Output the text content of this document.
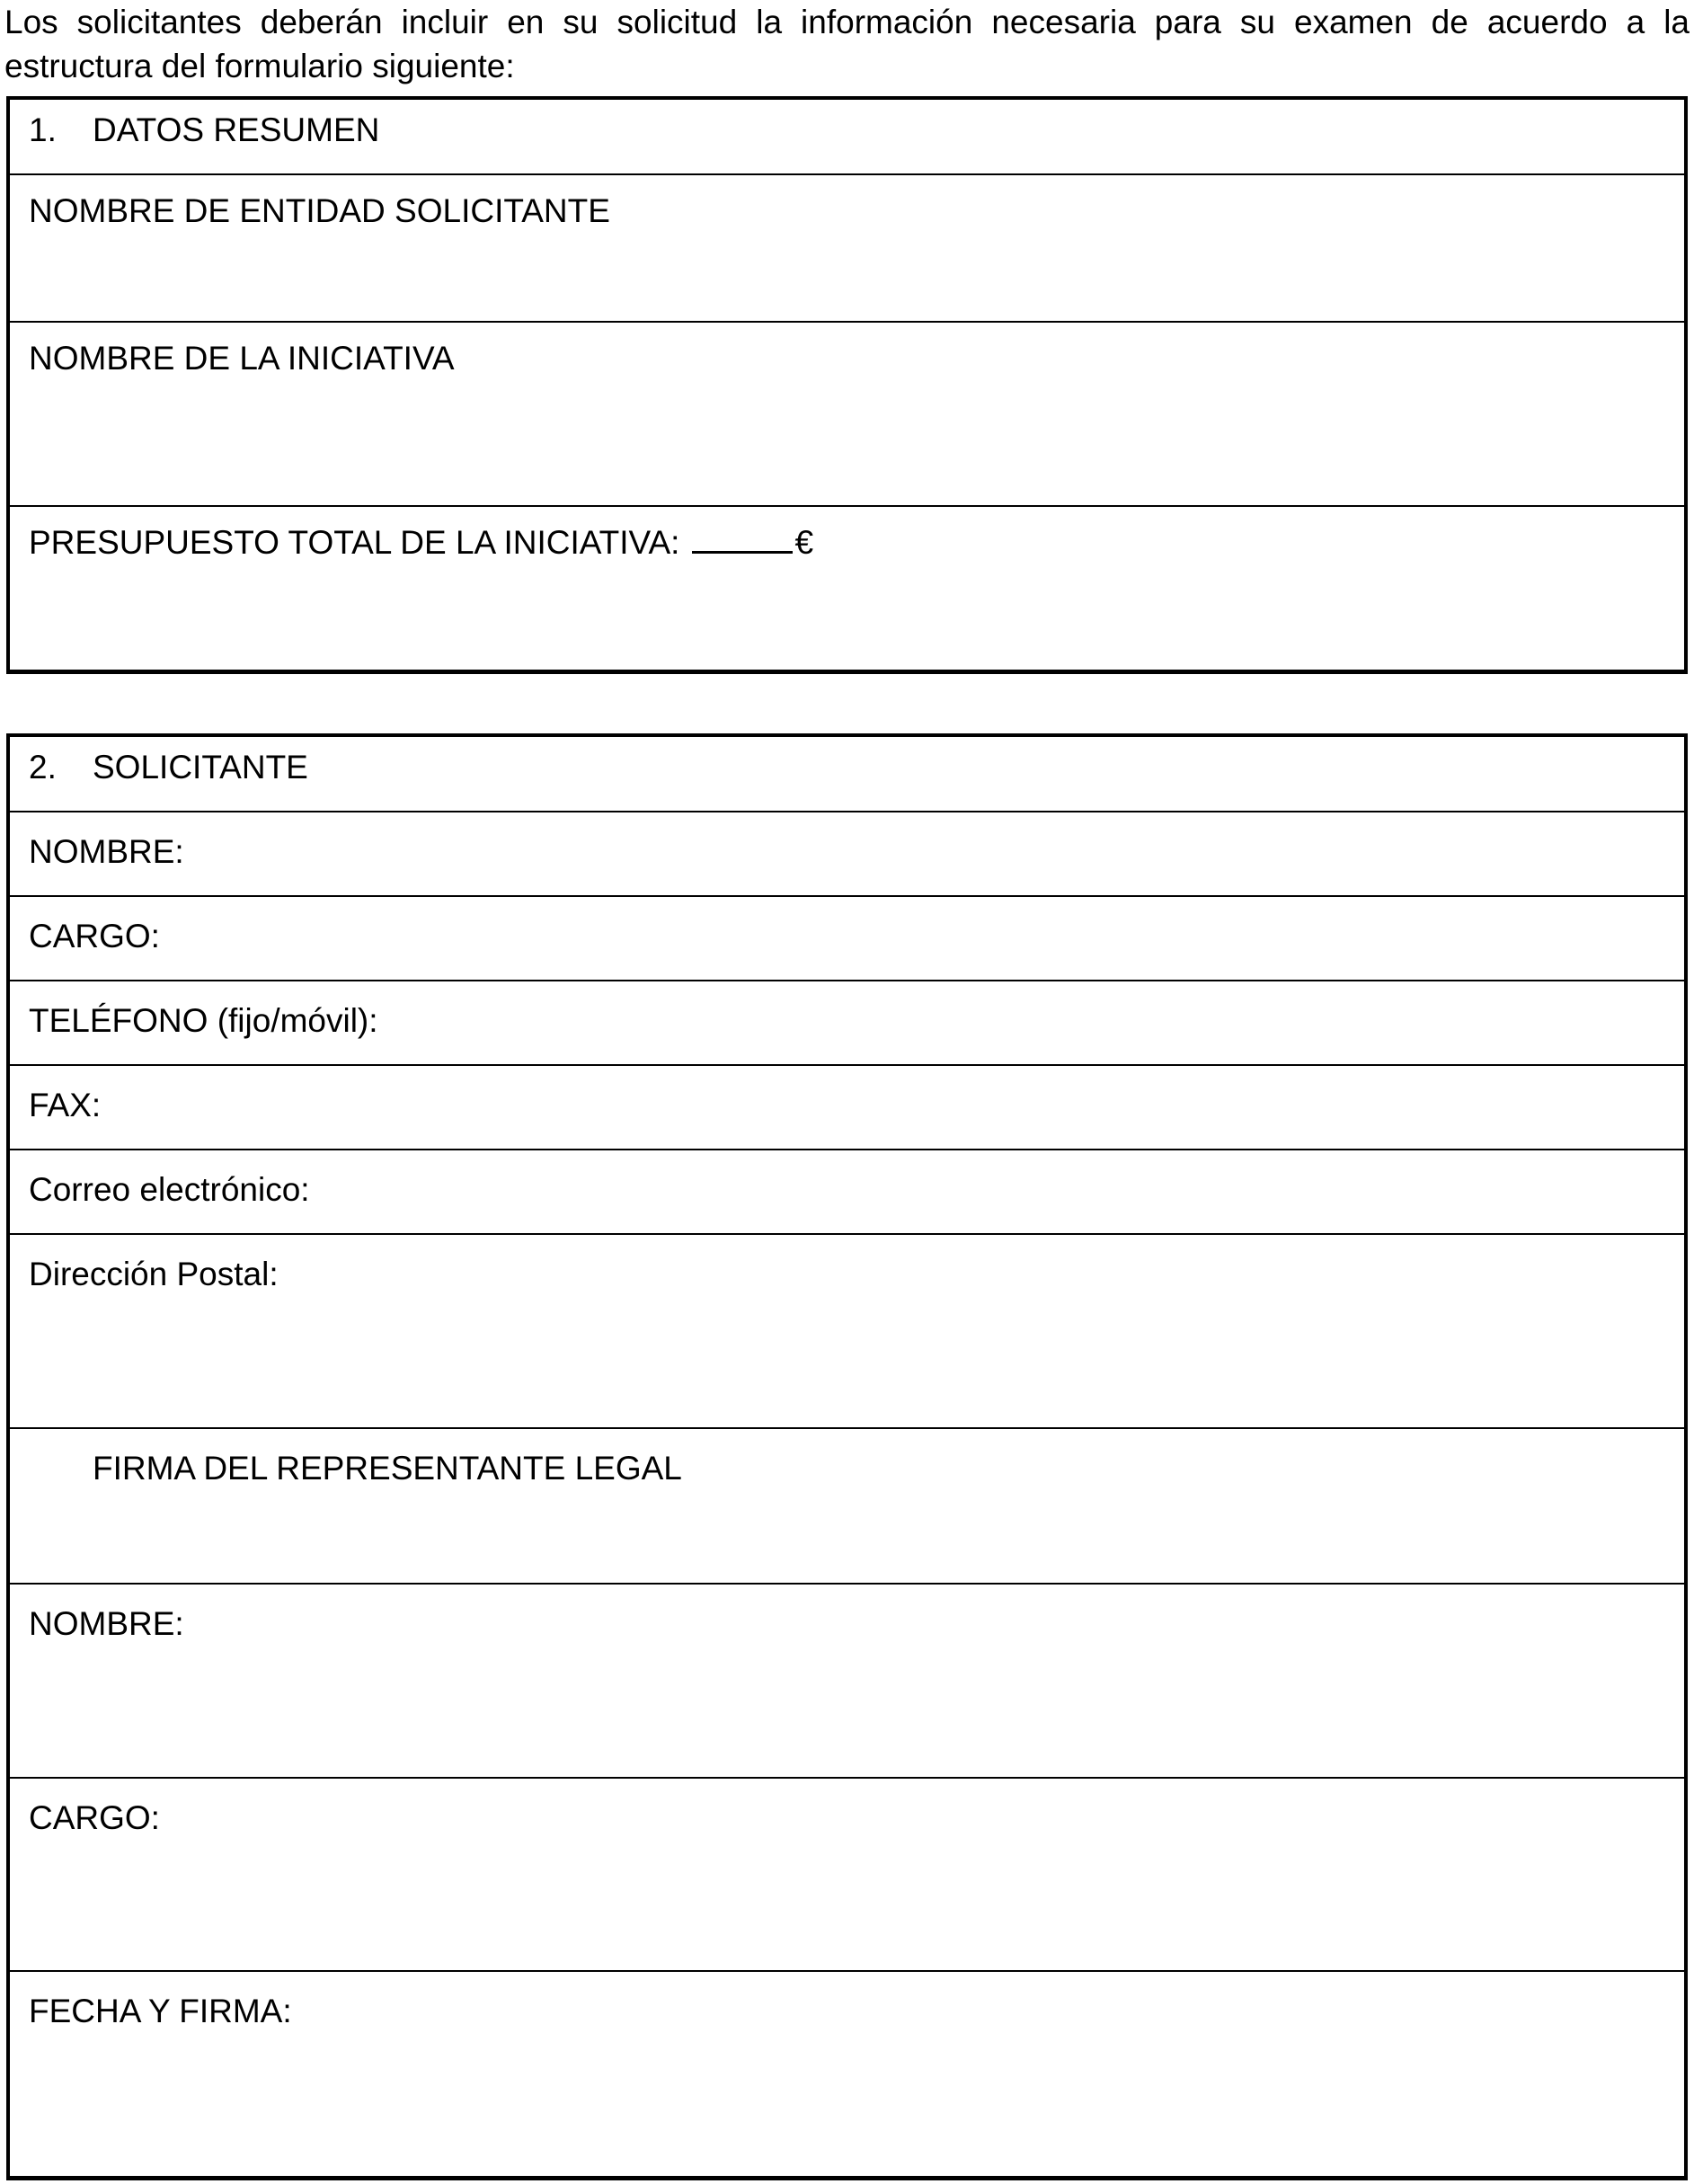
Los solicitantes deberán incluir en su solicitud la información necesaria para su examen de acuerdo a la estructura del formulario siguiente:

1. DATOS RESUMEN
NOMBRE DE ENTIDAD SOLICITANTE
NOMBRE DE LA INICIATIVA
PRESUPUESTO TOTAL DE LA INICIATIVA:	€
2. SOLICITANTE
NOMBRE:
CARGO:
TELÉFONO (fijo/móvil):
FAX:
Correo electrónico:
Dirección Postal:
FIRMA DEL REPRESENTANTE LEGAL
NOMBRE:
CARGO:
FECHA Y FIRMA:
